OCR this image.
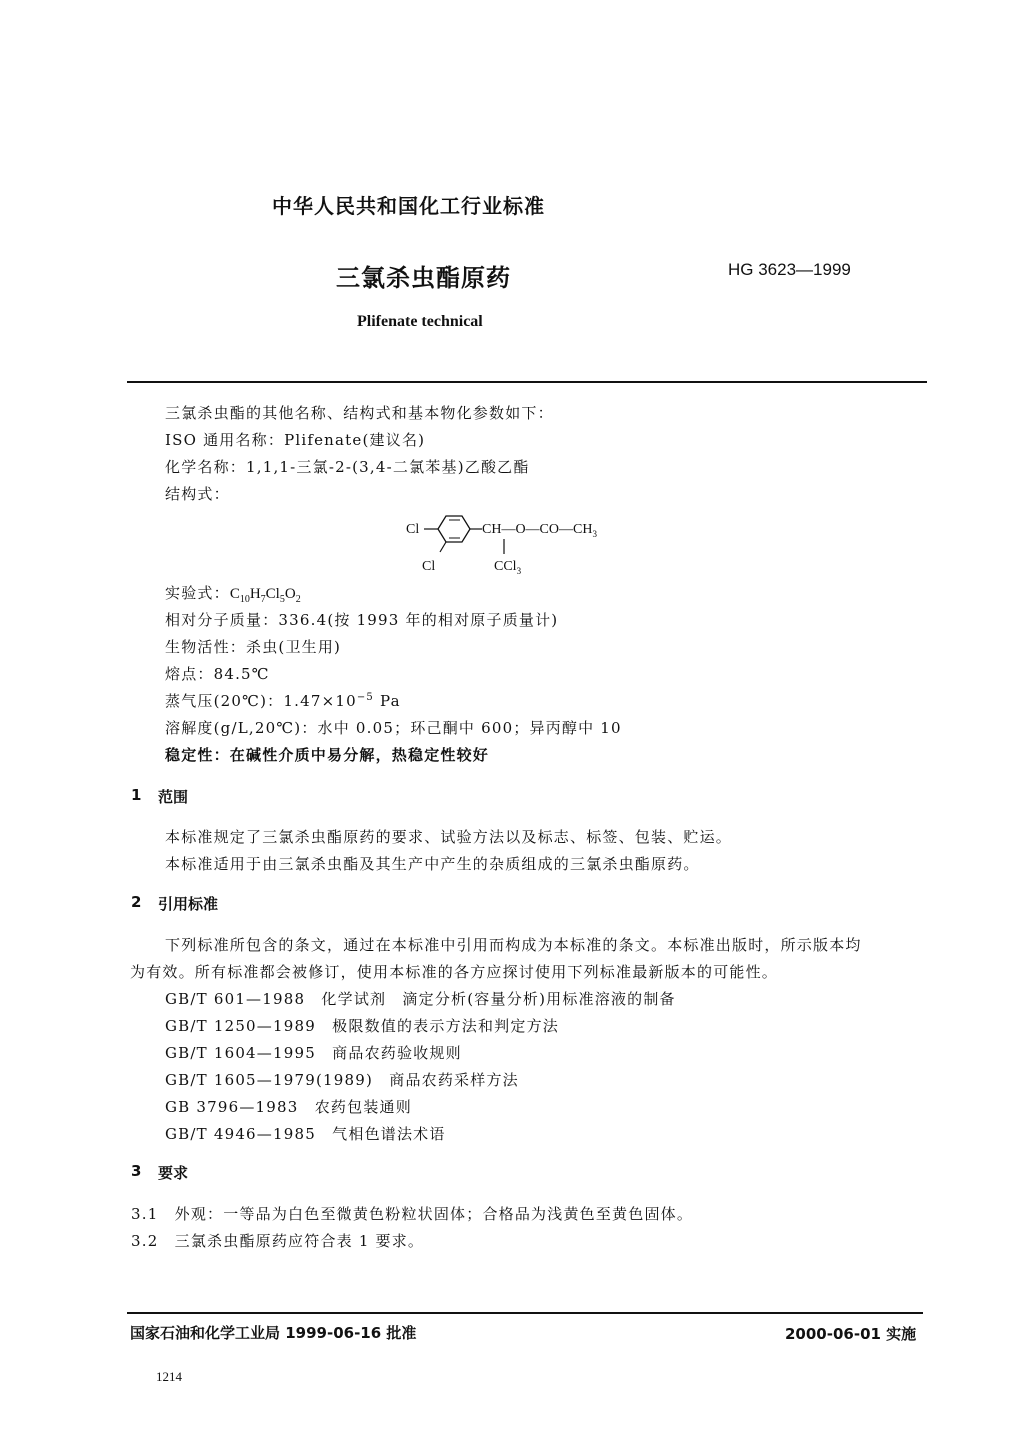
中华人民共和国化工行业标准
三氯杀虫酯原药	HG 3623—1999
Plifenate technical
三氯杀虫酯的其他名称、结构式和基本物化参数如下：
ISO 通用名称：Plifenate(建议名)
化学名称：1,1,1-三氯-2-(3,4-二氯苯基)乙酸乙酯
结构式：
Cl	$CH—O—CO—CH_3$
Cl	CCl$_3$
实验式：$C_{10}H_7Cl_5O_2$
相对分子质量：336.4(按 1993 年的相对原子质量计)
生物活性：杀虫(卫生用)
熔点：84.5℃
蒸气压(20℃)：$1.47\times 10^{-5}$ Pa
溶解度(g/L,20℃)：水中 0.05；环己酮中 600；异丙醇中 10
稳定性：在碱性介质中易分解，热稳定性较好
1 范围
本标准规定了三氯杀虫酯原药的要求、试验方法以及标志、标签、包装、贮运。
本标准适用于由三氯杀虫酯及其生产中产生的杂质组成的三氯杀虫酯原药。
2 引用标准
下列标准所包含的条文，通过在本标准中引用而构成为本标准的条文。本标准出版时，所示版本均
为有效。所有标准都会被修订，使用本标准的各方应探讨使用下列标准最新版本的可能性。
GB/T 601—1988　化学试剂　滴定分析(容量分析)用标准溶液的制备
GB/T 1250—1989　极限数值的表示方法和判定方法
GB/T 1604—1995　商品农药验收规则
GB/T 1605—1979(1989)　商品农药采样方法
GB 3796—1983　农药包装通则
GB/T 4946—1985　气相色谱法术语
3 要求
3.1　外观：一等品为白色至微黄色粉粒状固体；合格品为浅黄色至黄色固体。
3.2　三氯杀虫酯原药应符合表 1 要求。
国家石油和化学工业局 1999-06-16 批准	2000-06-01 实施
1214
